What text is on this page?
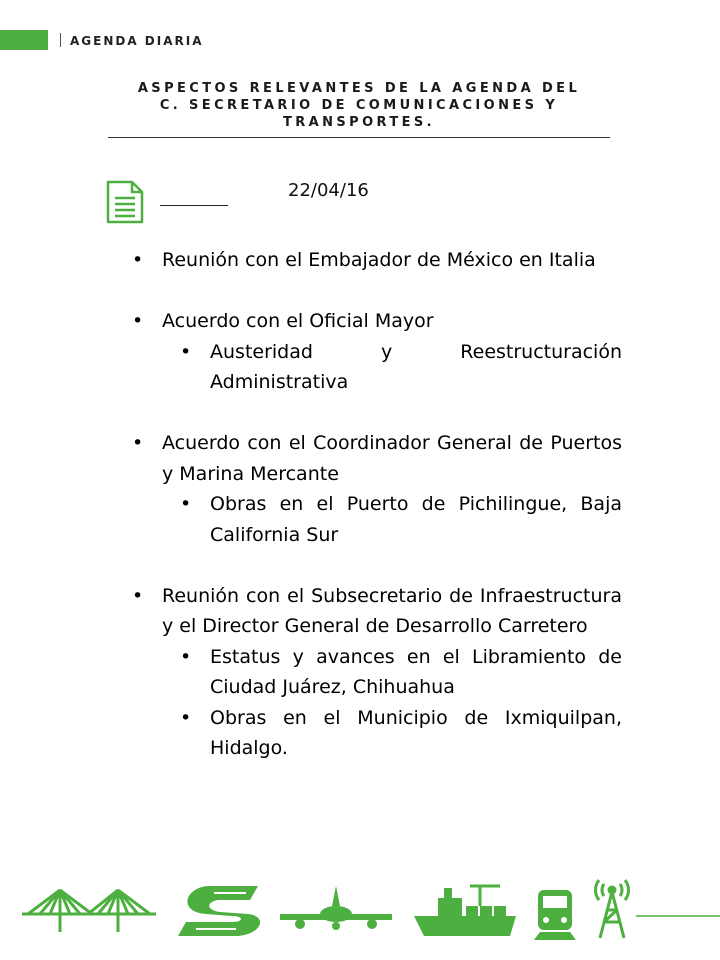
AGENDA DIARIA
ASPECTOS RELEVANTES DE LA AGENDA DEL
C. SECRETARIO DE COMUNICACIONES Y
TRANSPORTES.
22/04/16
• Reunión con el Embajador de México en Italia
• Acuerdo con el Oficial Mayor
• Austeridad y Reestructuración Administrativa
• Acuerdo con el Coordinador General de Puertos y Marina Mercante
• Obras en el Puerto de Pichilingue, Baja California Sur
• Reunión con el Subsecretario de Infraestructura y el Director General de Desarrollo Carretero
• Estatus y avances en el Libramiento de Ciudad Juárez, Chihuahua
• Obras en el Municipio de Ixmiquilpan, Hidalgo.
